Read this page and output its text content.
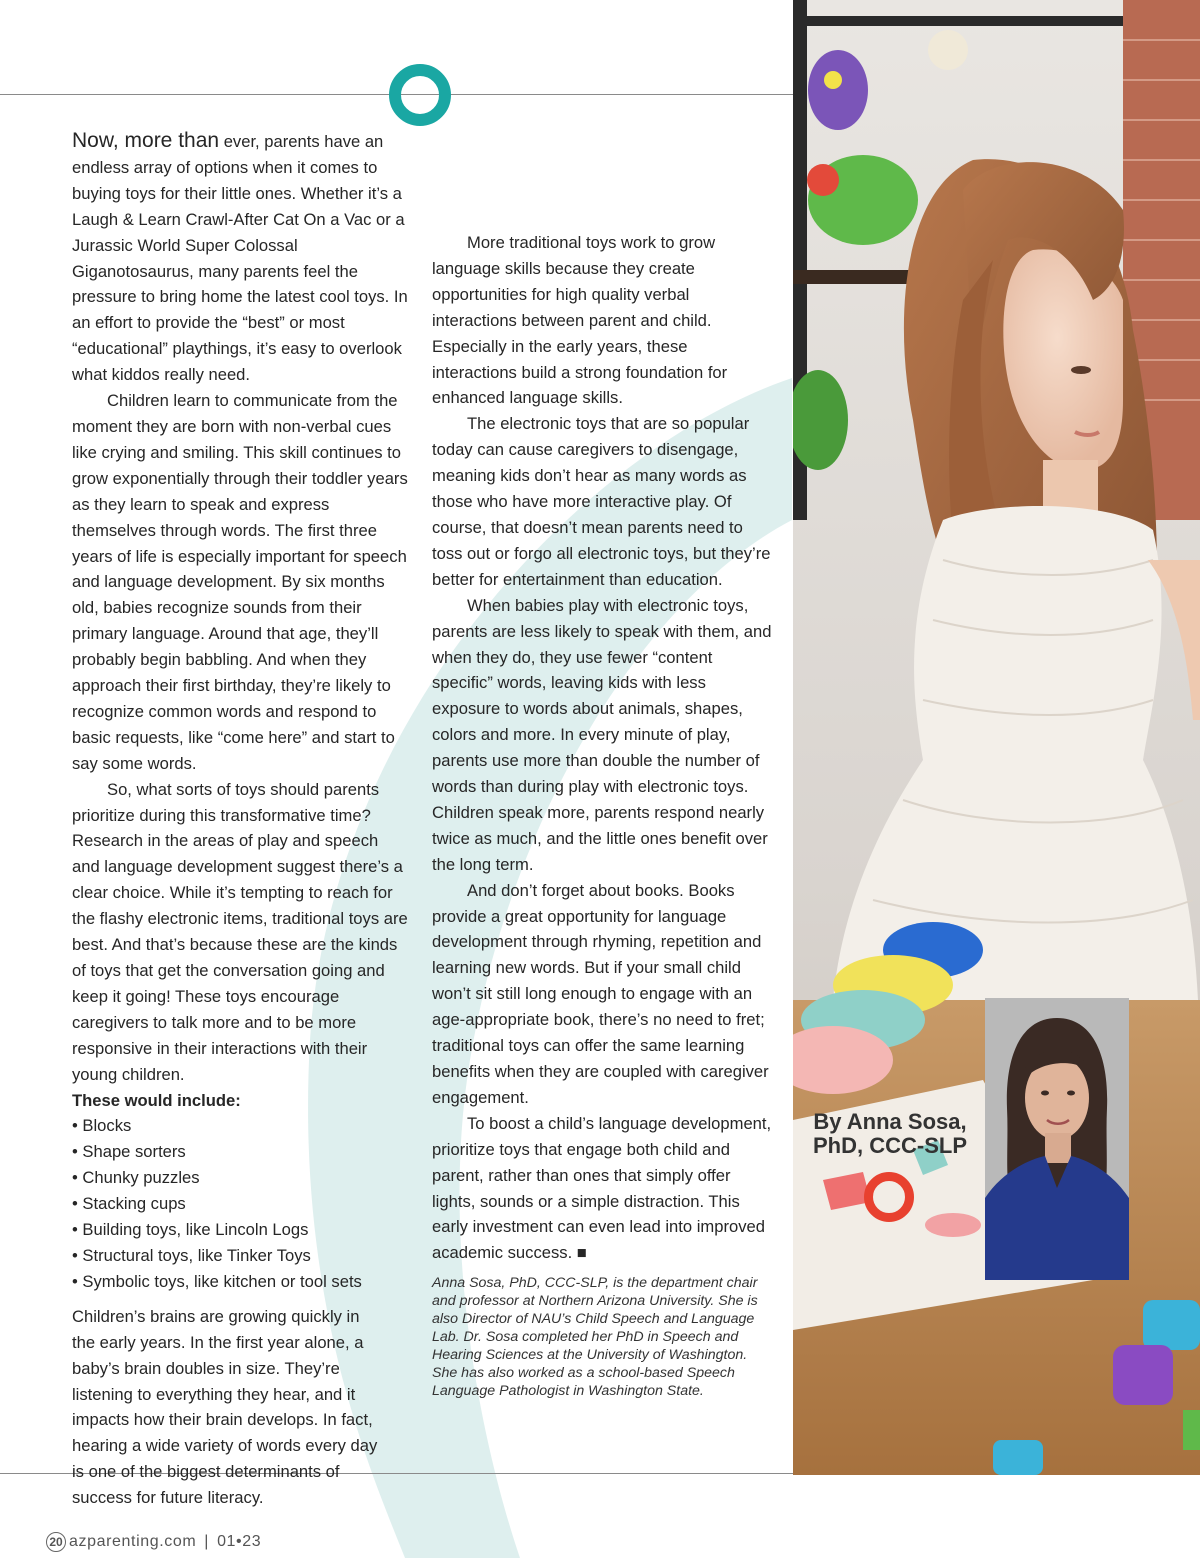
Now, more than ever, parents have an endless array of options when it comes to buying toys for their little ones. Whether it’s a Laugh & Learn Crawl-After Cat On a Vac or a Jurassic World Super Colossal Giganotosaurus, many parents feel the pressure to bring home the latest cool toys. In an effort to provide the “best” or most “educational” playthings, it’s easy to overlook what kiddos really need.

Children learn to communicate from the moment they are born with non-verbal cues like crying and smiling. This skill continues to grow exponentially through their toddler years as they learn to speak and express themselves through words. The first three years of life is especially important for speech and language development. By six months old, babies recognize sounds from their primary language. Around that age, they’ll probably begin babbling. And when they approach their first birthday, they’re likely to recognize common words and respond to basic requests, like “come here” and start to say some words.

So, what sorts of toys should parents prioritize during this transformative time? Research in the areas of play and speech and language development suggest there’s a clear choice. While it’s tempting to reach for the flashy electronic items, traditional toys are best. And that’s because these are the kinds of toys that get the conversation going and keep it going! These toys encourage caregivers to talk more and to be more responsive in their interactions with their young children.

These would include:

• Blocks
• Shape sorters
• Chunky puzzles
• Stacking cups
• Building toys, like Lincoln Logs
• Structural toys, like Tinker Toys
• Symbolic toys, like kitchen or tool sets

Children’s brains are growing quickly in the early years. In the first year alone, a baby’s brain doubles in size. They’re listening to everything they hear, and it impacts how their brain develops. In fact, hearing a wide variety of words every day is one of the biggest determinants of success for future literacy.

More traditional toys work to grow language skills because they create opportunities for high quality verbal interactions between parent and child. Especially in the early years, these interactions build a strong foundation for enhanced language skills.

The electronic toys that are so popular today can cause caregivers to disengage, meaning kids don’t hear as many words as those who have more interactive play. Of course, that doesn’t mean parents need to toss out or forgo all electronic toys, but they’re better for entertainment than education.

When babies play with electronic toys, parents are less likely to speak with them, and when they do, they use fewer “content specific” words, leaving kids with less exposure to words about animals, shapes, colors and more. In every minute of play, parents use more than double the number of words than during play with electronic toys. Children speak more, parents respond nearly twice as much, and the little ones benefit over the long term.

And don’t forget about books. Books provide a great opportunity for language development through rhyming, repetition and learning new words. But if your small child won’t sit still long enough to engage with an age-appropriate book, there’s no need to fret; traditional toys can offer the same learning benefits when they are coupled with caregiver engagement.

To boost a child’s language development, prioritize toys that engage both child and parent, rather than ones that simply offer lights, sounds or a simple distraction. This early investment can even lead into improved academic success. ■

Anna Sosa, PhD, CCC-SLP, is the department chair and professor at Northern Arizona University. She is also Director of NAU’s Child Speech and Language Lab. Dr. Sosa completed her PhD in Speech and Hearing Sciences at the University of Washington. She has also worked as a school-based Speech Language Pathologist in Washington State.

By Anna Sosa,
PhD, CCC-SLP
20 azparenting.com | 01•23
